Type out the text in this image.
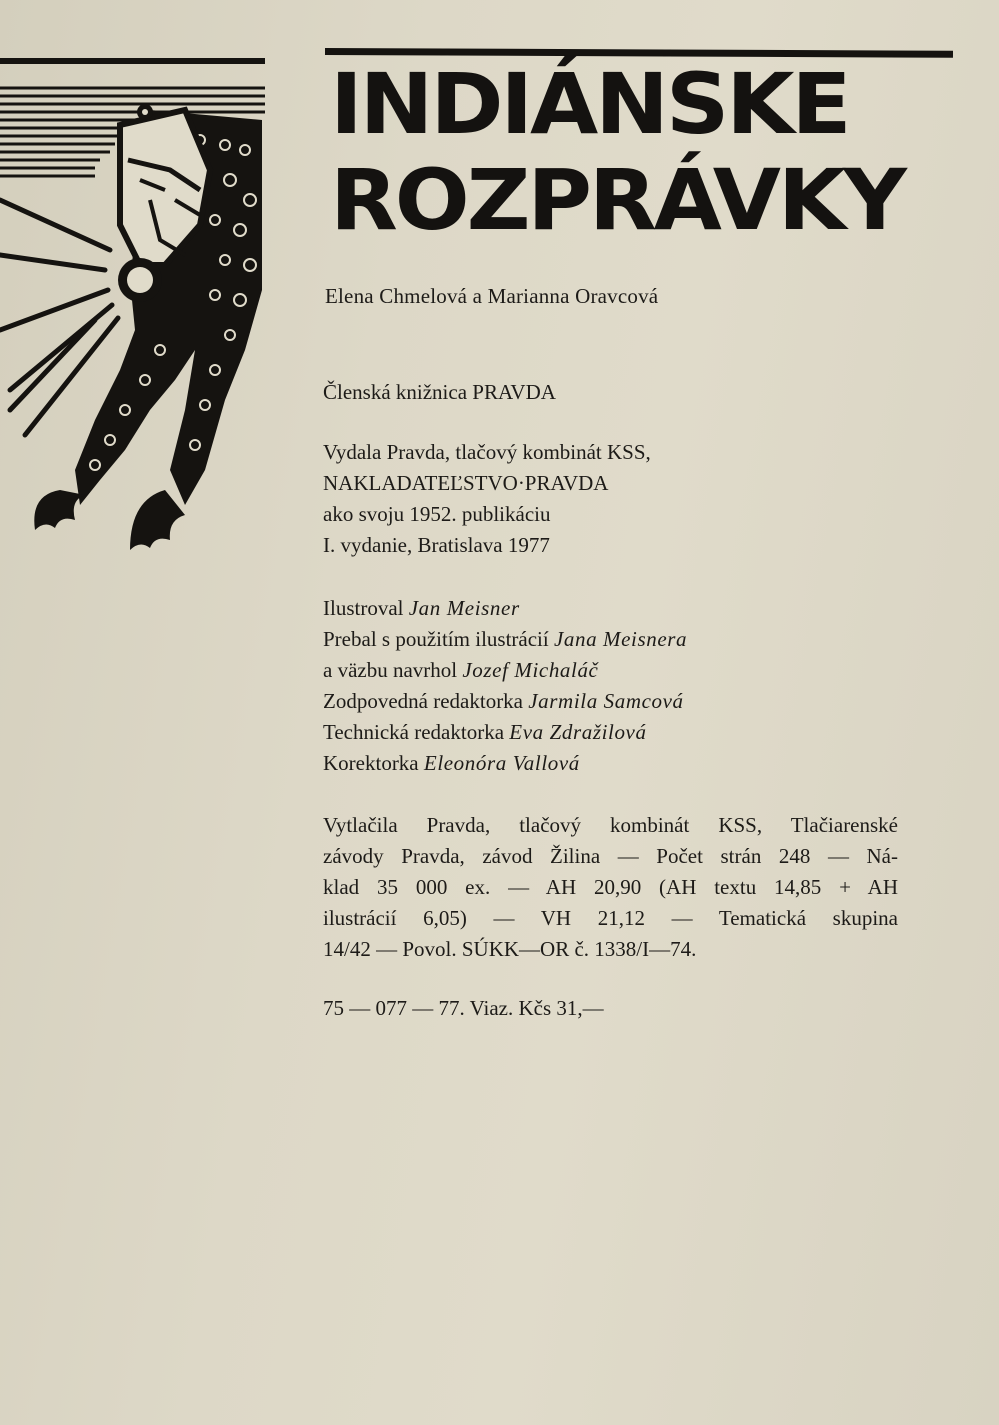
INDIÁNSKE
ROZPRÁVKY
Elena Chmelová a Marianna Oravcová

Členská knižnica PRAVDA

Vydala Pravda, tlačový kombinát KSS,

NAKLADATEĽSTVO·PRAVDA

ako svoju 1952. publikáciu

I. vydanie, Bratislava 1977

Ilustroval Jan Meisner

Prebal s použitím ilustrácií Jana Meisnera

a väzbu navrhol Jozef Michaláč

Zodpovedná redaktorka Jarmila Samcová

Technická redaktorka Eva Zdražilová

Korektorka Eleonóra Vallová

Vytlačila Pravda, tlačový kombinát KSS, Tlačiarenské

závody Pravda, závod Žilina — Počet strán 248 — Ná-

klad 35 000 ex. — AH 20,90 (AH textu 14,85 + AH

ilustrácií 6,05) — VH 21,12 — Tematická skupina

14/42 — Povol. SÚKK—OR č. 1338/I—74.

75 — 077 — 77. Viaz. Kčs 31,—
